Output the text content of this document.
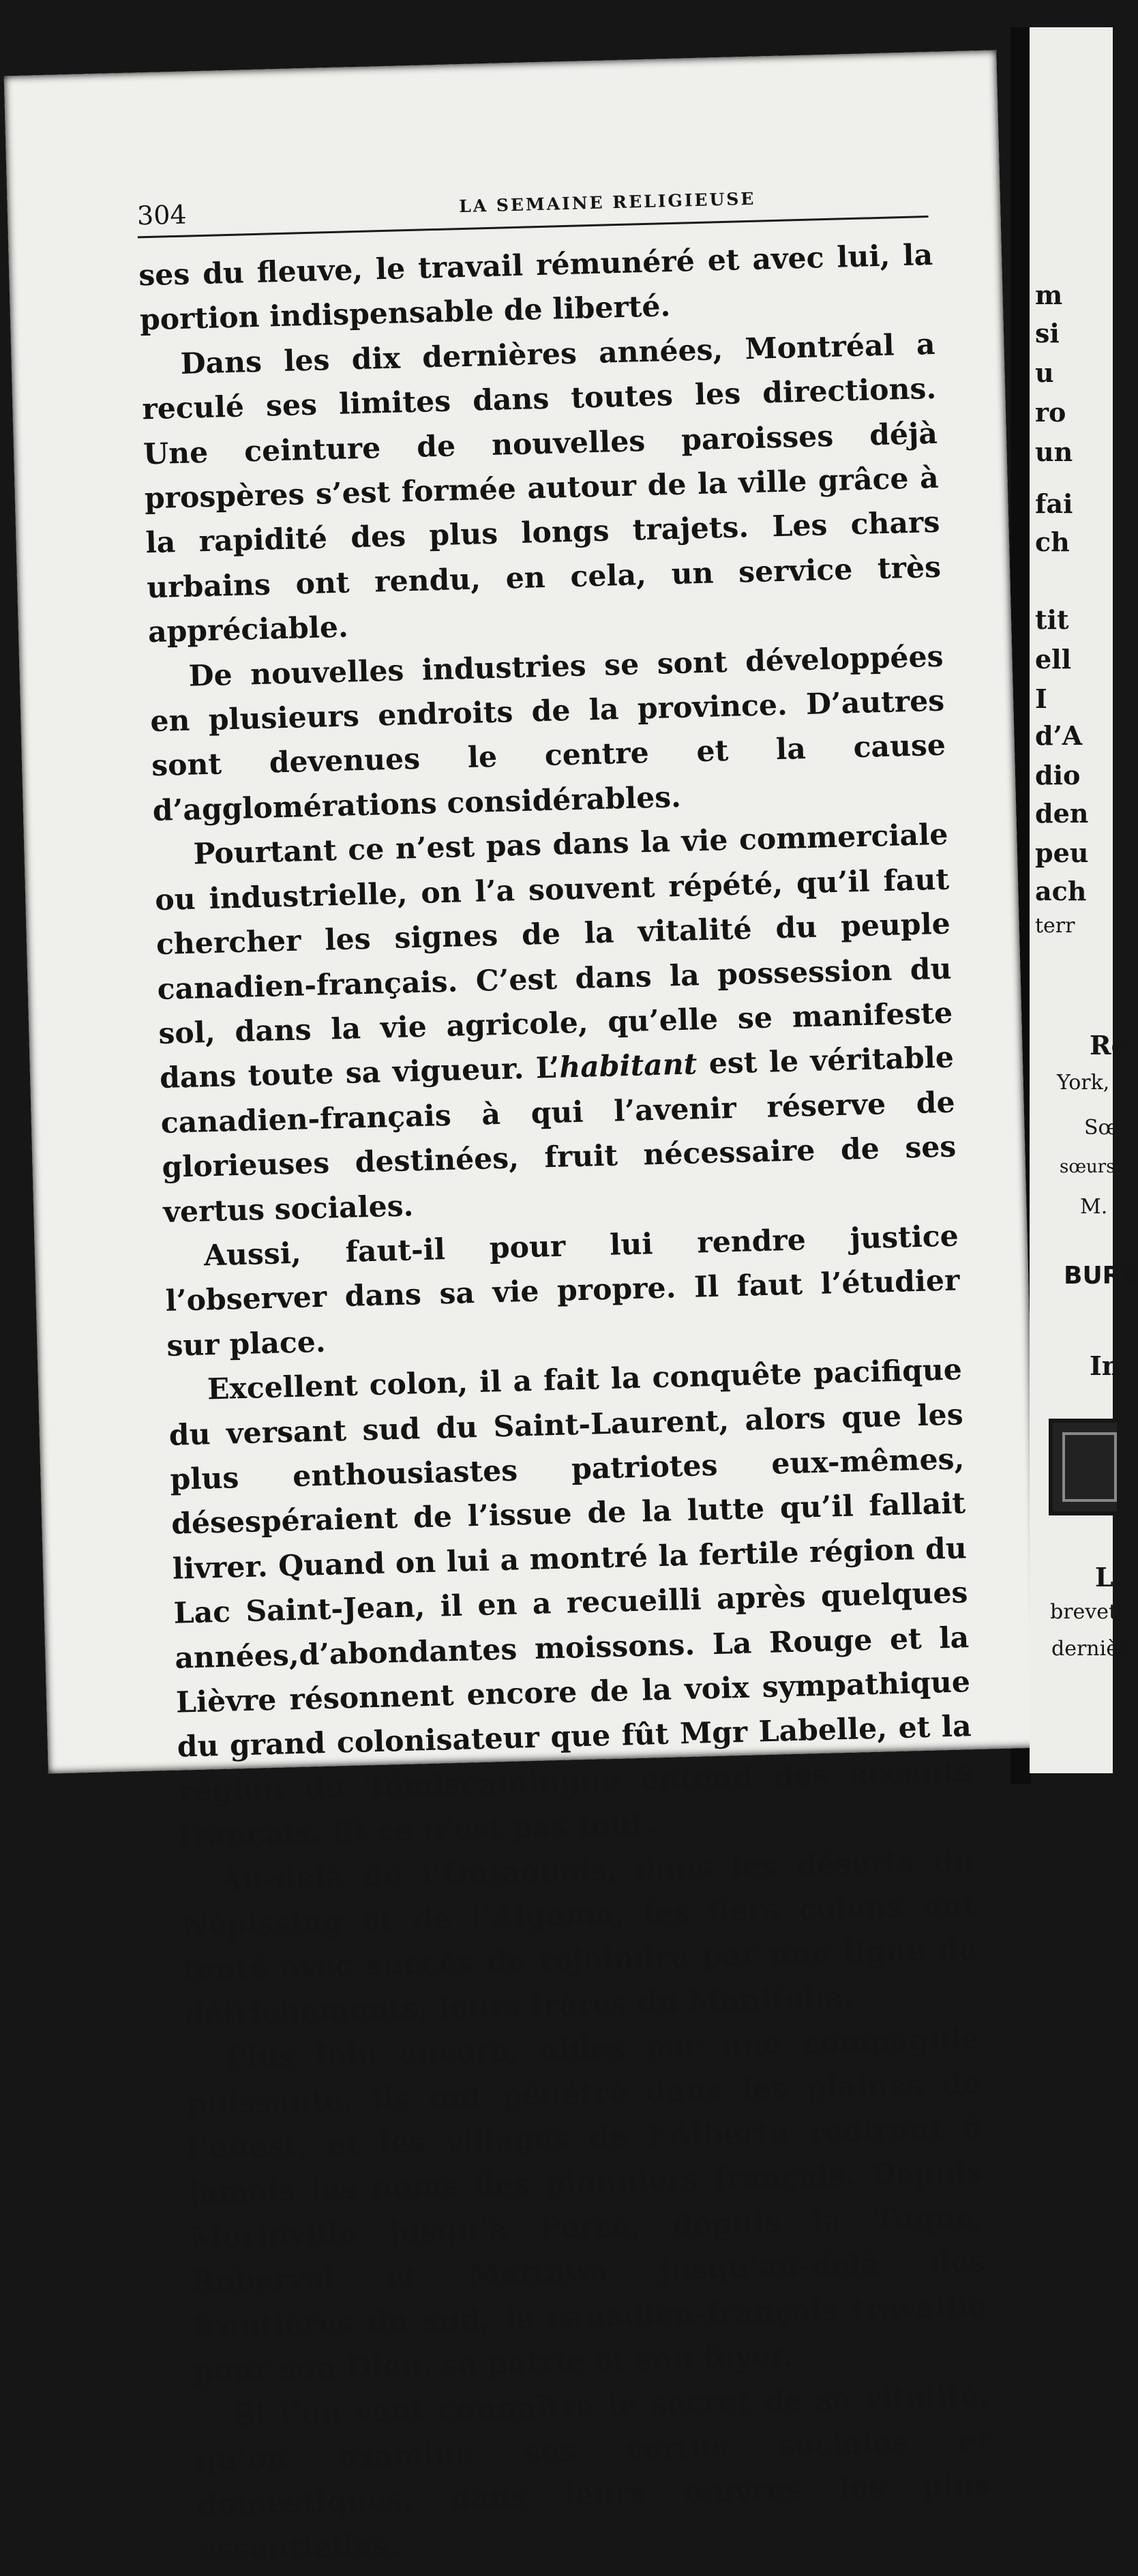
304	LA SEMAINE RELIGIEUSE

ses du fleuve, le travail rémunéré et avec lui, la portion indispensable de liberté.

Dans les dix dernières années, Montréal a reculé ses limites dans toutes les directions. Une ceinture de nouvelles paroisses déjà prospères s’est formée autour de la ville grâce à la rapidité des plus longs trajets. Les chars urbains ont rendu, en cela, un service très appréciable.

De nouvelles industries se sont développées en plusieurs endroits de la province. D’autres sont devenues le centre et la cause d’agglomérations considérables.

Pourtant ce n’est pas dans la vie commerciale ou industrielle, on l’a souvent répété, qu’il faut chercher les signes de la vitalité du peuple canadien-français. C’est dans la possession du sol, dans la vie agricole, qu’elle se manifeste dans toute sa vigueur. L’habitant est le véritable canadien-français à qui l’avenir réserve de glorieuses destinées, fruit nécessaire de ses vertus sociales.

Aussi, faut-il pour lui rendre justice l’observer dans sa vie propre. Il faut l’étudier sur place.

Excellent colon, il a fait la conquête pacifique du versant sud du Saint-Laurent, alors que les plus enthousiastes patriotes eux-mêmes, désespéraient de l’issue de la lutte qu’il fallait livrer. Quand on lui a montré la fertile région du Lac Saint-Jean, il en a recueilli après quelques années,d’abondantes moissons. La Rouge et la Lièvre résonnent encore de la voix sympathique du grand colonisateur que fût Mgr Labelle, et la région du Témiscamingue entend des accents français. Et ce n’est pas tout.

Au-delà de l’Outaouais, dans les déserts du Népissing et de l’Algoma, les fiers colons ont tenté avec succès de rejoindre par une ligne de défrichements, leurs frères du Manitoba.

Plus loin encore, aidés par une compagnie puissante, ils ont pénétré dans les plaines de l’ouest, et les villages de l’Alberta rediront à jamais les noms des pionniers français. Depuis Morinville jusqu’à Percé, depuis la Tuque, Roberval et Mattawa jusqu’au-delà des frontières du sud, le canadien-français travaille pour son Dieu, sa patrie et son foyer.

Si l’on veut connaître le secret de sa vitalité, qu’on examine ses vertus sociales et domestiques, dans leurs œuvres les plus essentielles.

m
si
u
ro
un
fai
ch
tit
ell
I
d’A
dio
den
peu
ach
terr
Ré
York,
Sœ
sœurs
M.
BURE
In
L
brevet
dernièr
